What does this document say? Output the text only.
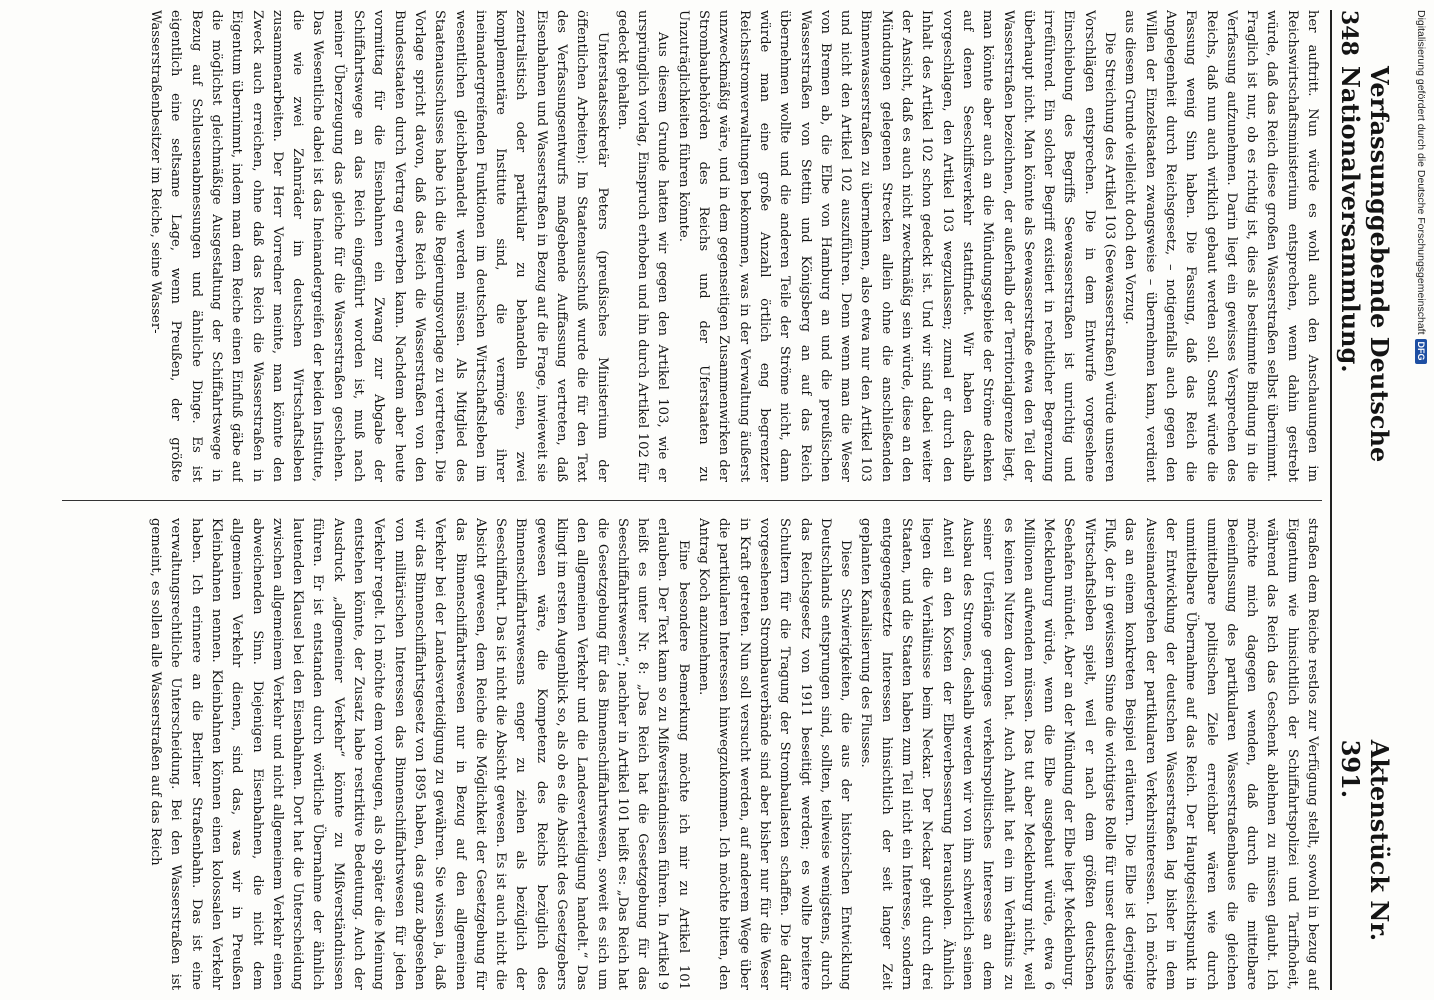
348
Verfassunggebende Deutsche Nationalversammlung.
Aktenstück Nr. 391.

her auftritt. Nun würde es wohl auch den Anschauungen im Reichswirtschaftsministerium entsprechen, wenn dahin gestrebt würde, daß das Reich diese großen Wasserstraßen selbst übernimmt. Fraglich ist nur, ob es richtig ist, dies als bestimmte Bindung in die Verfassung aufzunehmen. Darin liegt ein gewisses Versprechen des Reichs, daß nun auch wirklich gebaut werden soll. Sonst würde die Fassung wenig Sinn haben. Die Fassung, daß das Reich die Angelegenheit durch Reichsgesetz, – notigenfalls auch gegen den Willen der Einzelstaaten zwangsweise – übernehmen kann, verdient aus diesem Grunde vielleicht doch den Vorzug.

Die Streichung des Artikel 103 (Seewasserstraßen) würde unseren Vorschlägen entsprechen. Die in dem Entwurfe vorgesehene Einschiebung des Begriffs Seewasserstraßen ist unrichtig und irreführend. Ein solcher Begriff existiert in rechtlicher Begrenzung überhaupt nicht. Man könnte als Seewasserstraße etwa den Teil der Wasserstraßen bezeichnen, der außerhalb der Territorialgrenze liegt, man könnte aber auch an die Mündungsgebiete der Ströme denken auf denen Seeschiffsverkehr stattfindet. Wir haben deshalb vorgeschlagen, den Artikel 103 wegzulassen; zumal er durch den Inhalt des Artikel 102 schon gedeckt ist. Und wir sind dabei weiter der Ansicht, daß es auch nicht zweckmäßig sein würde, diese an den Mündungen gelegenen Strecken allein ohne die anschließenden Binnenwasserstraßen zu übernehmen, also etwa nur den Artikel 103 und nicht den Artikel 102 auszuführen. Denn wenn man die Weser von Bremen ab, die Elbe von Hamburg an und die preußischen Wasserstraßen von Stettin und Königsberg an auf das Reich übernehmen wollte und die anderen Teile der Ströme nicht, dann würde man eine große Anzahl örtlich eng begrenzter Reichsstromverwaltungen bekommen, was in der Verwaltung äußerst unzweckmäßig wäre, und in dem gegenseitigen Zusammenwirken der Strombaubehörden des Reichs und der Uferstaaten zu Unzuträglichkeiten führen könnte.

Aus diesem Grunde hatten wir gegen den Artikel 103, wie er ursprünglich vorlag, Einspruch erhoben und ihn durch Artikel 102 für gedeckt gehalten.

Unterstaatssekretär Peters (preußisches Ministerium der öffentlichen Arbeiten): Im Staatenausschuß wurde die für den Text des Verfassungsentwurfs maßgebende Auffassung vertreten, daß Eisenbahnen und Wasserstraßen in Bezug auf die Frage, inwieweit sie zentralistisch oder partikular zu behandeln seien, zwei komplementäre Institute sind, die vermöge ihrer ineinandergreifenden Funktionen im deutschen Wirtschaftsleben im wesentlichen gleichbehandelt werden müssen. Als Mitglied des Staatenausschusses habe ich die Regierungsvorlage zu vertreten. Die Vorlage spricht davon, daß das Reich die Wasserstraßen von den Bundesstaaten durch Vertrag erwerben kann. Nachdem aber heute vormittag für die Eisenbahnen ein Zwang zur Abgabe der Schiffahrtswege an das Reich eingeführt worden ist, muß nach meiner Überzeugung das gleiche für die Wasserstraßen geschehen. Das Wesentliche dabei ist das Ineinandergreifen der beiden Institute, die wie zwei Zahnräder im deutschen Wirtschaftsleben zusammenarbeiten. Der Herr Vorredner meinte, man könnte den Zweck auch erreichen, ohne daß das Reich die Wasserstraßen in Eigentum übernimmt, indem man dem Reiche einen Einfluß gäbe auf die möglichst gleichmäßige Ausgestaltung der Schiffahrtswege in Bezug auf Schleusenabmessungen und ähnliche Dinge. Es ist eigentlich eine seltsame Lage, wenn Preußen, der größte Wasserstraßenbesitzer im Reiche, seine Wasser-

straßen dem Reiche restlos zur Verfügung stellt, sowohl in bezug auf Eigentum wie hinsichtlich der Schiffahrtspolizei und Tarifhoheit, während das Reich das Geschenk ablehnen zu müssen glaubt. Ich möchte mich dagegen wenden, daß durch die mittelbare Beeinflussung des partikularen Wasserstraßenbaues die gleichen unmittelbare politischen Ziele erreichbar wären wie durch unmittelbare Übernahme auf das Reich. Der Hauptgesichtspunkt in der Entwicklung der deutschen Wasserstraßen lag bisher in dem Auseinandergehen der partikularen Verkehrsinteressen. Ich möchte das an einem konkreten Beispiel erläutern. Die Elbe ist derjenige Fluß, der in gewissem Sinne die wichtigste Rolle für unser deutsches Wirtschaftsleben spielt, weil er nach dem größten deutschen Seehafen mündet. Aber an der Mündung der Elbe liegt Mecklenburg. Mecklenburg würde, wenn die Elbe ausgebaut würde, etwa 6 Millionen aufwenden müssen. Das tut aber Mecklenburg nicht, weil es keinen Nutzen davon hat. Auch Anhalt hat ein im Verhältnis zu seiner Uferlänge geringes verkehrspolitisches Interesse an dem Ausbau des Stromes, deshalb werden wir von ihm schwerlich seinen Anteil an den Kosten der Elbeverbesserung herausholen. Ähnlich liegen die Verhältnisse beim Neckar. Der Neckar geht durch drei Staaten, und die Staaten haben zum Teil nicht ein Interesse, sondern entgegengesetzte Interessen hinsichtlich der seit langer Zeit geplanten Kanalisierung des Flusses.

Diese Schwierigkeiten, die aus der historischen Entwicklung Deutschlands entsprungen sind, sollten, teilweise wenigstens, durch das Reichsgesetz von 1911 beseitigt werden; es wollte breitere Schultern für die Tragung der Strombaulasten schaffen. Die dafür vorgesehenen Strombauverbände sind aber bisher nur für die Weser in Kraft getreten. Nun soll versucht werden, auf anderem Wege über die partikularen Interessen hinwegzukommen. Ich möchte bitten, den Antrag Koch anzunehmen.

Eine besondere Bemerkung möchte ich mir zu Artikel 101 erlauben. Der Text kann so zu Mißverständnissen führen. In Artikel 9 heißt es unter Nr. 8: „Das Reich hat die Gesetzgebung für das Seeschiffahrtswesen“; nachher in Artikel 101 heißt es: „Das Reich hat die Gesetzgebung für das Binnenschiffahrtswesen, soweit es sich um den allgemeinen Verkehr und die Landesverteidigung handelt.“ Das klingt im ersten Augenblick so, als ob es die Absicht des Gesetzgebers gewesen wäre, die Kompetenz des Reichs bezüglich des Binnenschiffahrtswesens enger zu ziehen als bezüglich der Seeschiffahrt. Das ist nicht die Absicht gewesen. Es ist auch nicht die Absicht gewesen, dem Reiche die Möglichkeit der Gesetzgebung für das Binnenschiffahrtswesen nur in Bezug auf den allgemeinen Verkehr bei der Landesverteidigung zu gewähren. Sie wissen ja, daß wir das Binnenschiffahrtsgesetz von 1895 haben, das ganz abgesehen von militärischen Interessen das Binnenschiffahrtswesen für jeden Verkehr regelt. Ich möchte dem vorbeugen, als ob später die Meinung entstehen könnte, der Zusatz habe restriktive Bedeutung. Auch der Ausdruck „allgemeiner Verkehr“ könnte zu Mißverständnissen führen. Er ist entstanden durch wörtliche Übernahme der ähnlich lautenden Klausel bei den Eisenbahnen. Dort hat die Unterscheidung zwischen allgemeinem Verkehr und nicht allgemeinem Verkehr einen abweichenden Sinn. Diejenigen Eisenbahnen, die nicht dem allgemeinen Verkehr dienen, sind das, was wir in Preußen Kleinbahnen nennen. Kleinbahnen können einen kolossalen Verkehr haben. Ich erinnere an die Berliner Straßenbahn. Das ist eine verwaltungsrechtliche Unterscheidung. Bei den Wasserstraßen ist gemeint, es sollen alle Wasserstraßen auf das Reich

Digitalisierung gefördert durch die Deutsche Forschungsgemeinschaft
DFG
